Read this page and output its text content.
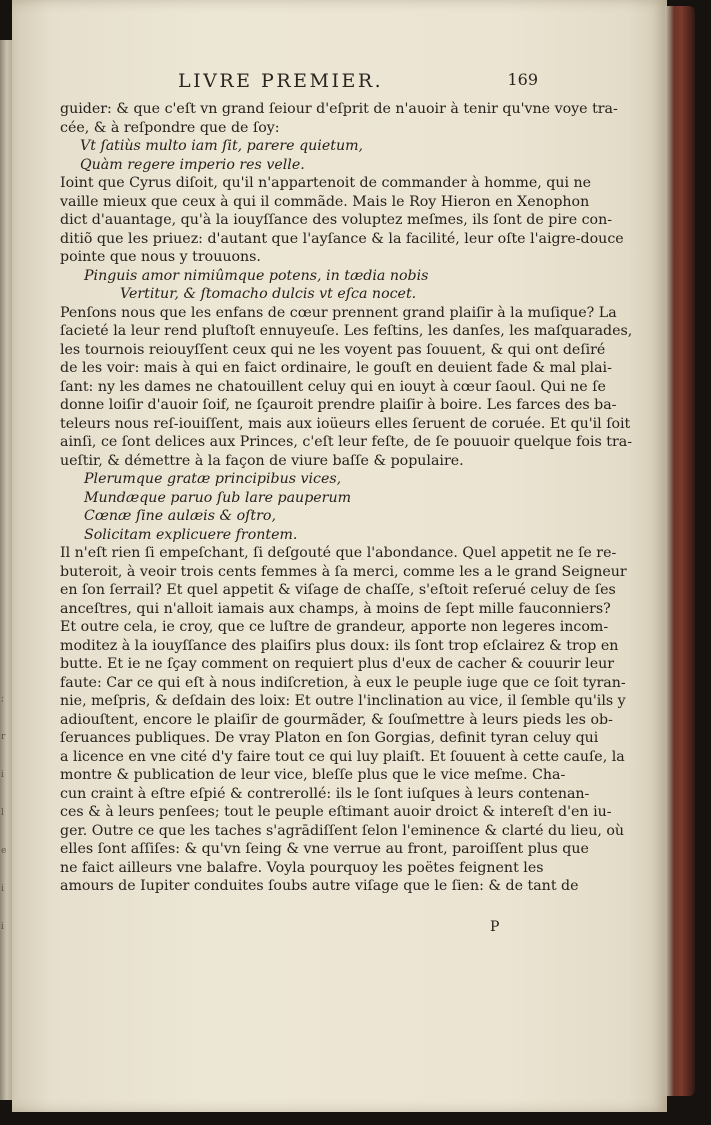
;
r
i
l
e
i
i
LIVRE PREMIER.	169
guider: & que c'eſt vn grand ſeiour d'eſprit de n'auoir à tenir qu'vne voye tra-
cée, & à reſpondre que de ſoy:
Vt ſatiùs multo iam ſit, parere quietum,
Quàm regere imperio res velle.
Ioint que Cyrus diſoit, qu'il n'appartenoit de commander à homme, qui ne
vaille mieux que ceux à qui il commãde. Mais le Roy Hieron en Xenophon
dict d'auantage, qu'à la iouyſſance des voluptez meſmes, ils ſont de pire con-
ditiõ que les priuez: d'autant que l'ayſance & la facilité, leur oſte l'aigre-douce
pointe que nous y trouuons.
Pinguis amor nimiûmque potens, in tædia nobis
Vertitur, & ſtomacho dulcis vt eſca nocet.
Penſons nous que les enfans de cœur prennent grand plaiſir à la muſique? La
ſacieté la leur rend pluſtoſt ennuyeuſe. Les feſtins, les danſes, les maſquarades,
les tournois reiouyſſent ceux qui ne les voyent pas ſouuent, & qui ont deſiré
de les voir: mais à qui en faict ordinaire, le gouſt en deuient fade & mal plai-
ſant: ny les dames ne chatouillent celuy qui en iouyt à cœur ſaoul. Qui ne ſe
donne loiſir d'auoir ſoif, ne ſçauroit prendre plaiſir à boire. Les farces des ba-
teleurs nous reſ-iouiſſent, mais aux ioüeurs elles ſeruent de coruée. Et qu'il ſoit
ainſi, ce ſont delices aux Princes, c'eſt leur feſte, de ſe pouuoir quelque fois tra-
ueſtir, & démettre à la façon de viure baſſe & populaire.
Plerumque gratæ principibus vices,
Mundæque paruo ſub lare pauperum
Cœnæ ſine aulæis & oſtro,
Solicitam explicuere frontem.
Il n'eſt rien ſi empeſchant, ſi deſgouté que l'abondance. Quel appetit ne ſe re-
buteroit, à veoir trois cents femmes à ſa merci, comme les a le grand Seigneur
en ſon ſerrail? Et quel appetit & viſage de chaſſe, s'eſtoit reſerué celuy de ſes
anceſtres, qui n'alloit iamais aux champs, à moins de ſept mille fauconniers?
Et outre cela, ie croy, que ce luſtre de grandeur, apporte non legeres incom-
moditez à la iouyſſance des plaiſirs plus doux: ils ſont trop eſclairez & trop en
butte. Et ie ne ſçay comment on requiert plus d'eux de cacher & couurir leur
faute: Car ce qui eſt à nous indiſcretion, à eux le peuple iuge que ce ſoit tyran-
nie, meſpris, & deſdain des loix: Et outre l'inclination au vice, il ſemble qu'ils y
adiouſtent, encore le plaiſir de gourmãder, & ſouſmettre à leurs pieds les ob-
ſeruances publiques. De vray Platon en ſon Gorgias, definit tyran celuy qui
a licence en vne cité d'y faire tout ce qui luy plaiſt. Et ſouuent à cette cauſe, la
montre & publication de leur vice, bleſſe plus que le vice meſme. Cha-
cun craint à eſtre eſpié & contrerollé: ils le ſont iuſques à leurs contenan-
ces & à leurs penſees; tout le peuple eſtimant auoir droict & intereſt d'en iu-
ger. Outre ce que les taches s'agrādiſſent ſelon l'eminence & clarté du lieu, où
elles ſont aſſiſes: & qu'vn ſeing & vne verrue au front, paroiſſent plus que
ne faict ailleurs vne balafre. Voyla pourquoy les poëtes feignent les
amours de Iupiter conduites ſoubs autre viſage que le ſien: & de tant de
P
